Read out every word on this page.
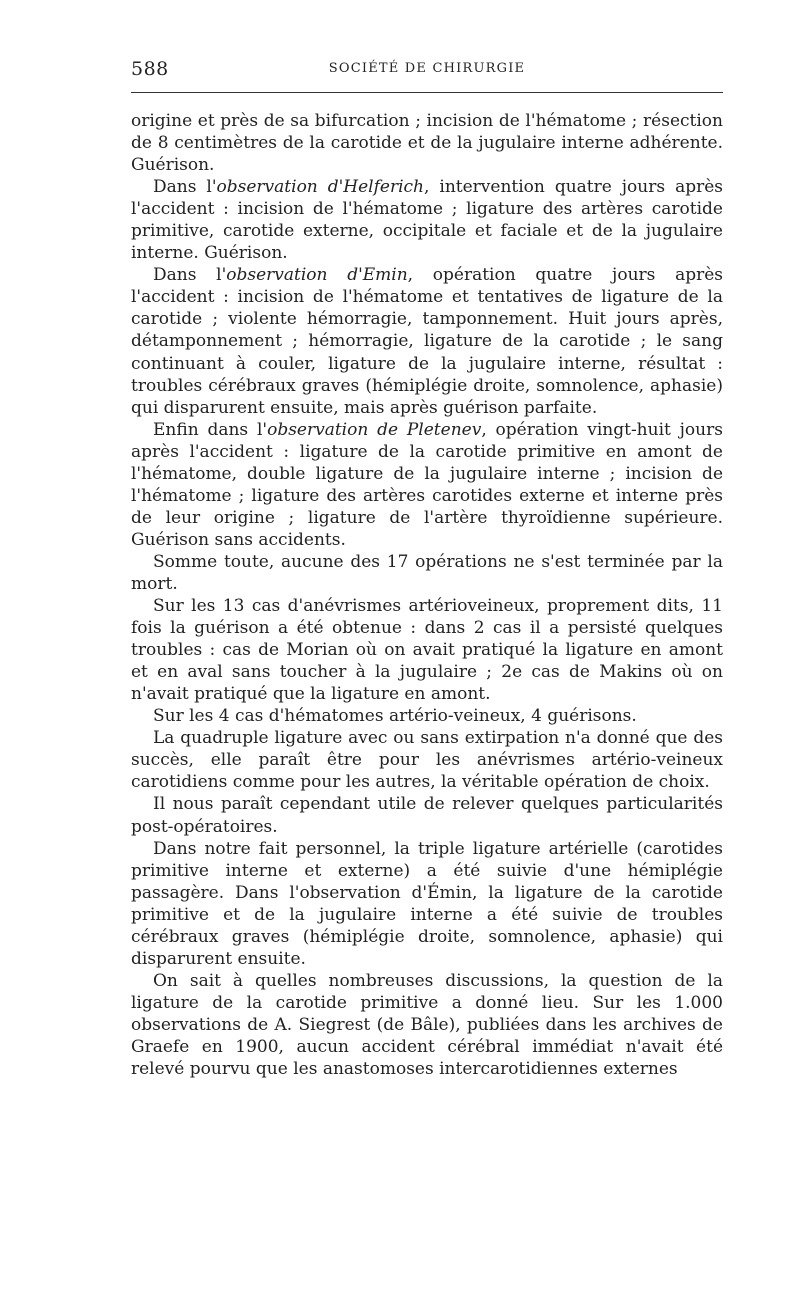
588	SOCIÉTÉ DE CHIRURGIE

origine et près de sa bifurcation ; incision de l'hématome ; résection de 8 centimètres de la carotide et de la jugulaire interne adhérente. Guérison.

Dans l'observation d'Helferich, intervention quatre jours après l'accident : incision de l'hématome ; ligature des artères carotide primitive, carotide externe, occipitale et faciale et de la jugulaire interne. Guérison.

Dans l'observation d'Emin, opération quatre jours après l'accident : incision de l'hématome et tentatives de ligature de la carotide ; violente hémorragie, tamponnement. Huit jours après, détamponnement ; hémorragie, ligature de la carotide ; le sang continuant à couler, ligature de la jugulaire interne, résultat : troubles cérébraux graves (hémiplégie droite, somnolence, aphasie) qui disparurent ensuite, mais après guérison parfaite.

Enfin dans l'observation de Pletenev, opération vingt-huit jours après l'accident : ligature de la carotide primitive en amont de l'hématome, double ligature de la jugulaire interne ; incision de l'hématome ; ligature des artères carotides externe et interne près de leur origine ; ligature de l'artère thyroïdienne supérieure. Guérison sans accidents.

Somme toute, aucune des 17 opérations ne s'est terminée par la mort.

Sur les 13 cas d'anévrismes artérioveineux, proprement dits, 11 fois la guérison a été obtenue : dans 2 cas il a persisté quelques troubles : cas de Morian où on avait pratiqué la ligature en amont et en aval sans toucher à la jugulaire ; 2e cas de Makins où on n'avait pratiqué que la ligature en amont.

Sur les 4 cas d'hématomes artério-veineux, 4 guérisons.

La quadruple ligature avec ou sans extirpation n'a donné que des succès, elle paraît être pour les anévrismes artério-veineux carotidiens comme pour les autres, la véritable opération de choix.

Il nous paraît cependant utile de relever quelques particularités post-opératoires.

Dans notre fait personnel, la triple ligature artérielle (carotides primitive interne et externe) a été suivie d'une hémiplégie passagère. Dans l'observation d'Émin, la ligature de la carotide primitive et de la jugulaire interne a été suivie de troubles cérébraux graves (hémiplégie droite, somnolence, aphasie) qui disparurent ensuite.

On sait à quelles nombreuses discussions, la question de la ligature de la carotide primitive a donné lieu. Sur les 1.000 observations de A. Siegrest (de Bâle), publiées dans les archives de Graefe en 1900, aucun accident cérébral immédiat n'avait été relevé pourvu que les anastomoses intercarotidiennes externes
